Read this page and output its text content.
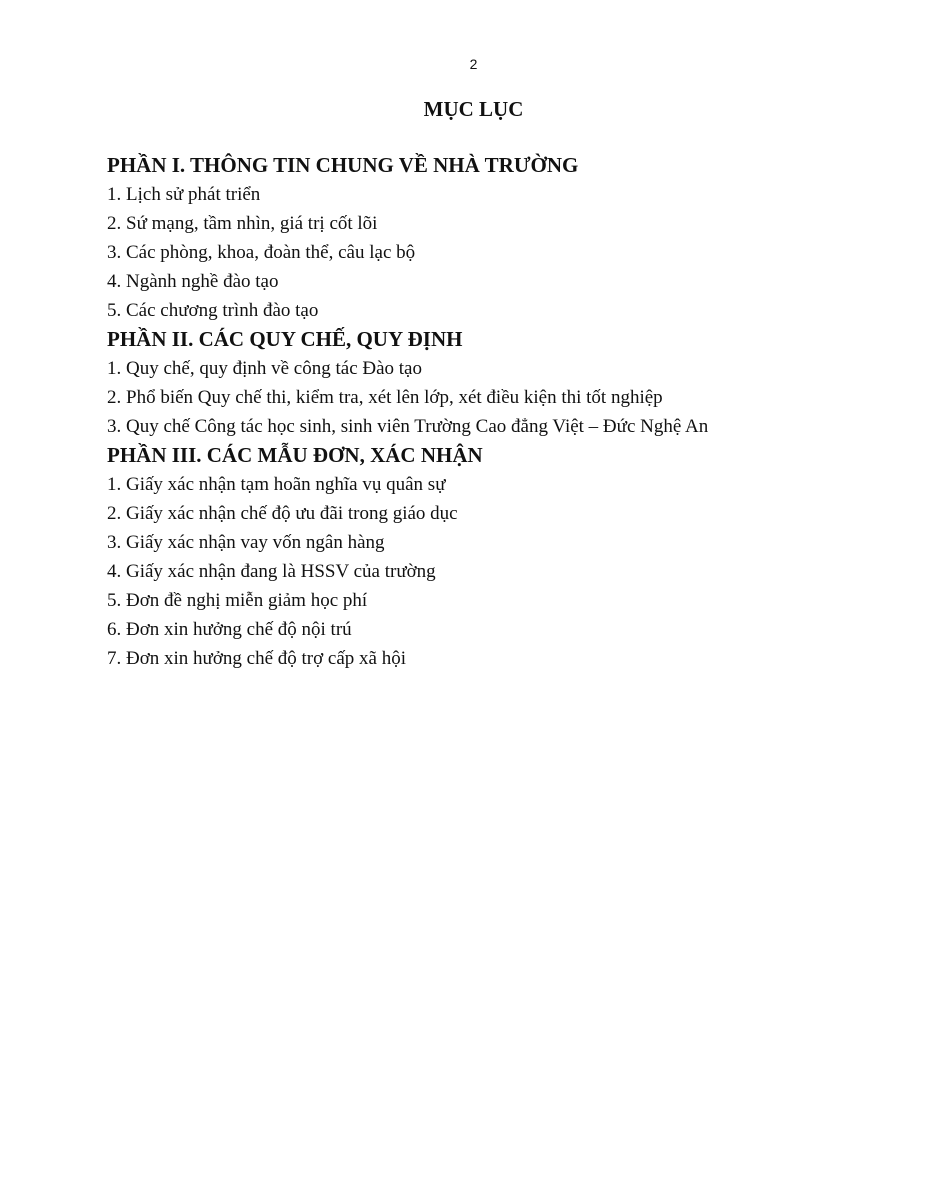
2
MỤC LỤC

PHẦN I. THÔNG TIN CHUNG VỀ NHÀ TRƯỜNG

1. Lịch sử phát triển

2. Sứ mạng, tầm nhìn, giá trị cốt lõi

3. Các phòng, khoa, đoàn thể, câu lạc bộ

4. Ngành nghề đào tạo

5. Các chương trình đào tạo

PHẦN II. CÁC QUY CHẾ, QUY ĐỊNH

1. Quy chế, quy định về công tác Đào tạo

2. Phổ biến Quy chế thi, kiểm tra, xét lên lớp, xét điều kiện thi tốt nghiệp

3. Quy chế Công tác học sinh, sinh viên Trường Cao đẳng Việt – Đức Nghệ An

PHẦN III. CÁC MẪU ĐƠN, XÁC NHẬN

1. Giấy xác nhận tạm hoãn nghĩa vụ quân sự

2. Giấy xác nhận chế độ ưu đãi trong giáo dục

3. Giấy xác nhận vay vốn ngân hàng

4. Giấy xác nhận đang là HSSV của trường

5. Đơn đề nghị miễn giảm học phí

6. Đơn xin hưởng chế độ nội trú

7. Đơn xin hưởng chế độ trợ cấp xã hội
